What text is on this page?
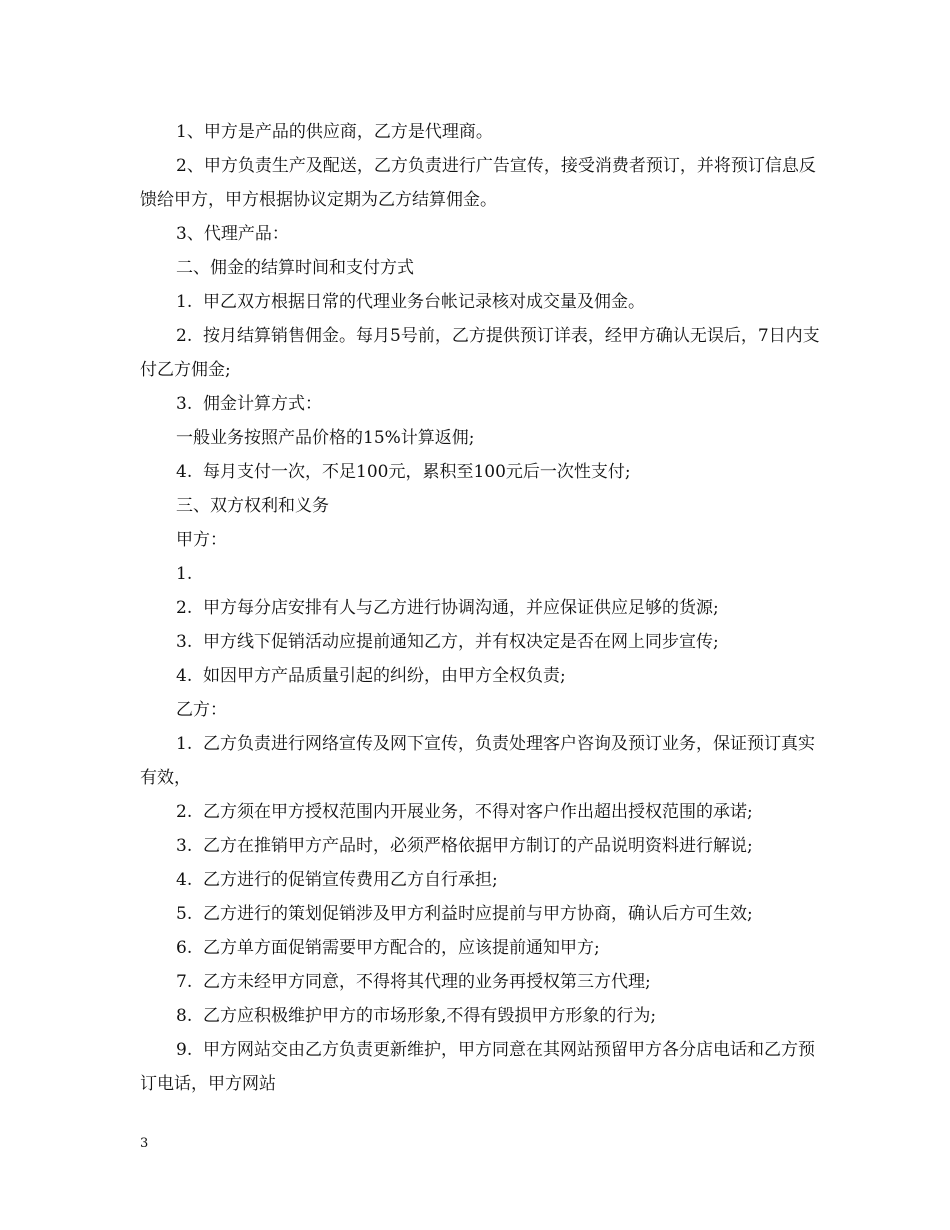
1、甲方是产品的供应商，乙方是代理商。

2、甲方负责生产及配送，乙方负责进行广告宣传，接受消费者预订，并将预订信息反馈给甲方，甲方根据协议定期为乙方结算佣金。

3、代理产品：

二、佣金的结算时间和支付方式

1.  甲乙双方根据日常的代理业务台帐记录核对成交量及佣金。

2.  按月结算销售佣金。每月5号前，乙方提供预订详表，经甲方确认无误后，7日内支付乙方佣金;

3.  佣金计算方式：

一般业务按照产品价格的15%计算返佣;

4.  每月支付一次，不足100元，累积至100元后一次性支付;

三、双方权利和义务

甲方：

1.

2.  甲方每分店安排有人与乙方进行协调沟通，并应保证供应足够的货源;

3.  甲方线下促销活动应提前通知乙方，并有权决定是否在网上同步宣传;

4.  如因甲方产品质量引起的纠纷，由甲方全权负责;

乙方：

1.  乙方负责进行网络宣传及网下宣传，负责处理客户咨询及预订业务，保证预订真实有效，

2.  乙方须在甲方授权范围内开展业务，不得对客户作出超出授权范围的承诺;

3.  乙方在推销甲方产品时，必须严格依据甲方制订的产品说明资料进行解说;

4.  乙方进行的促销宣传费用乙方自行承担;

5.  乙方进行的策划促销涉及甲方利益时应提前与甲方协商，确认后方可生效;

6.  乙方单方面促销需要甲方配合的，应该提前通知甲方;

7.  乙方未经甲方同意，不得将其代理的业务再授权第三方代理;

8.  乙方应积极维护甲方的市场形象,不得有毁损甲方形象的行为;

9.  甲方网站交由乙方负责更新维护，甲方同意在其网站预留甲方各分店电话和乙方预订电话，甲方网站

3
